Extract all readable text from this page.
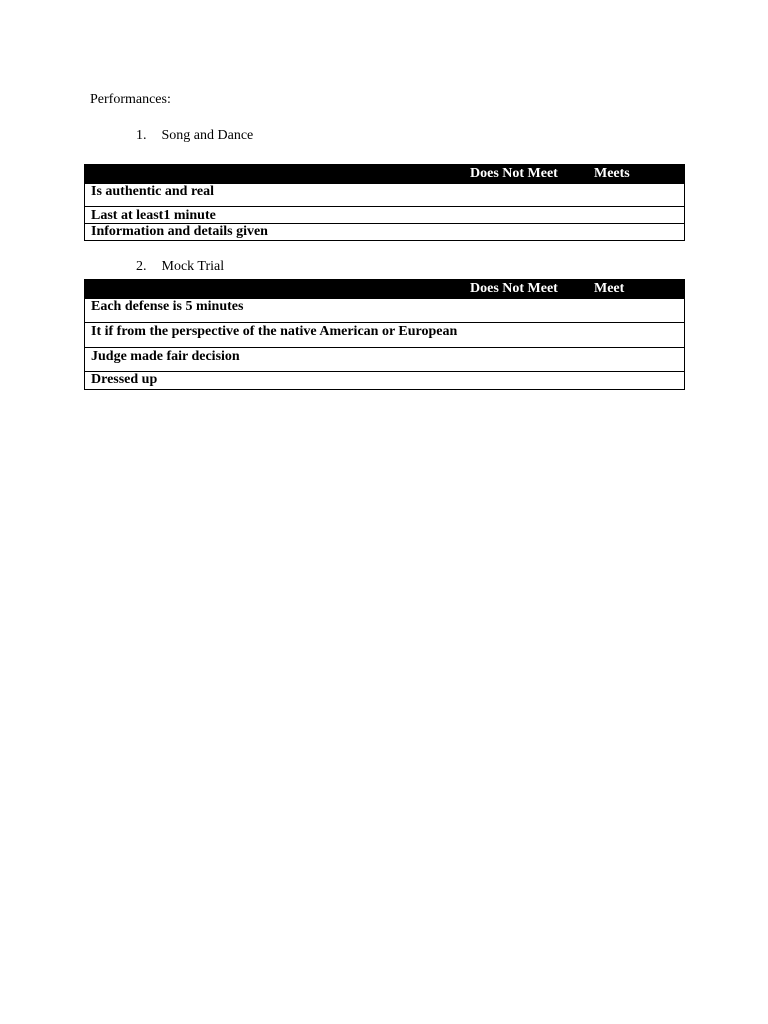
Performances:
1. Song and Dance
Does Not Meet	Meets
Is authentic and real
Last at least1 minute
Information and details given
2. Mock Trial
Does Not Meet	Meet
Each defense is 5 minutes
It if from the perspective of the native American or European
Judge made fair decision
Dressed up
